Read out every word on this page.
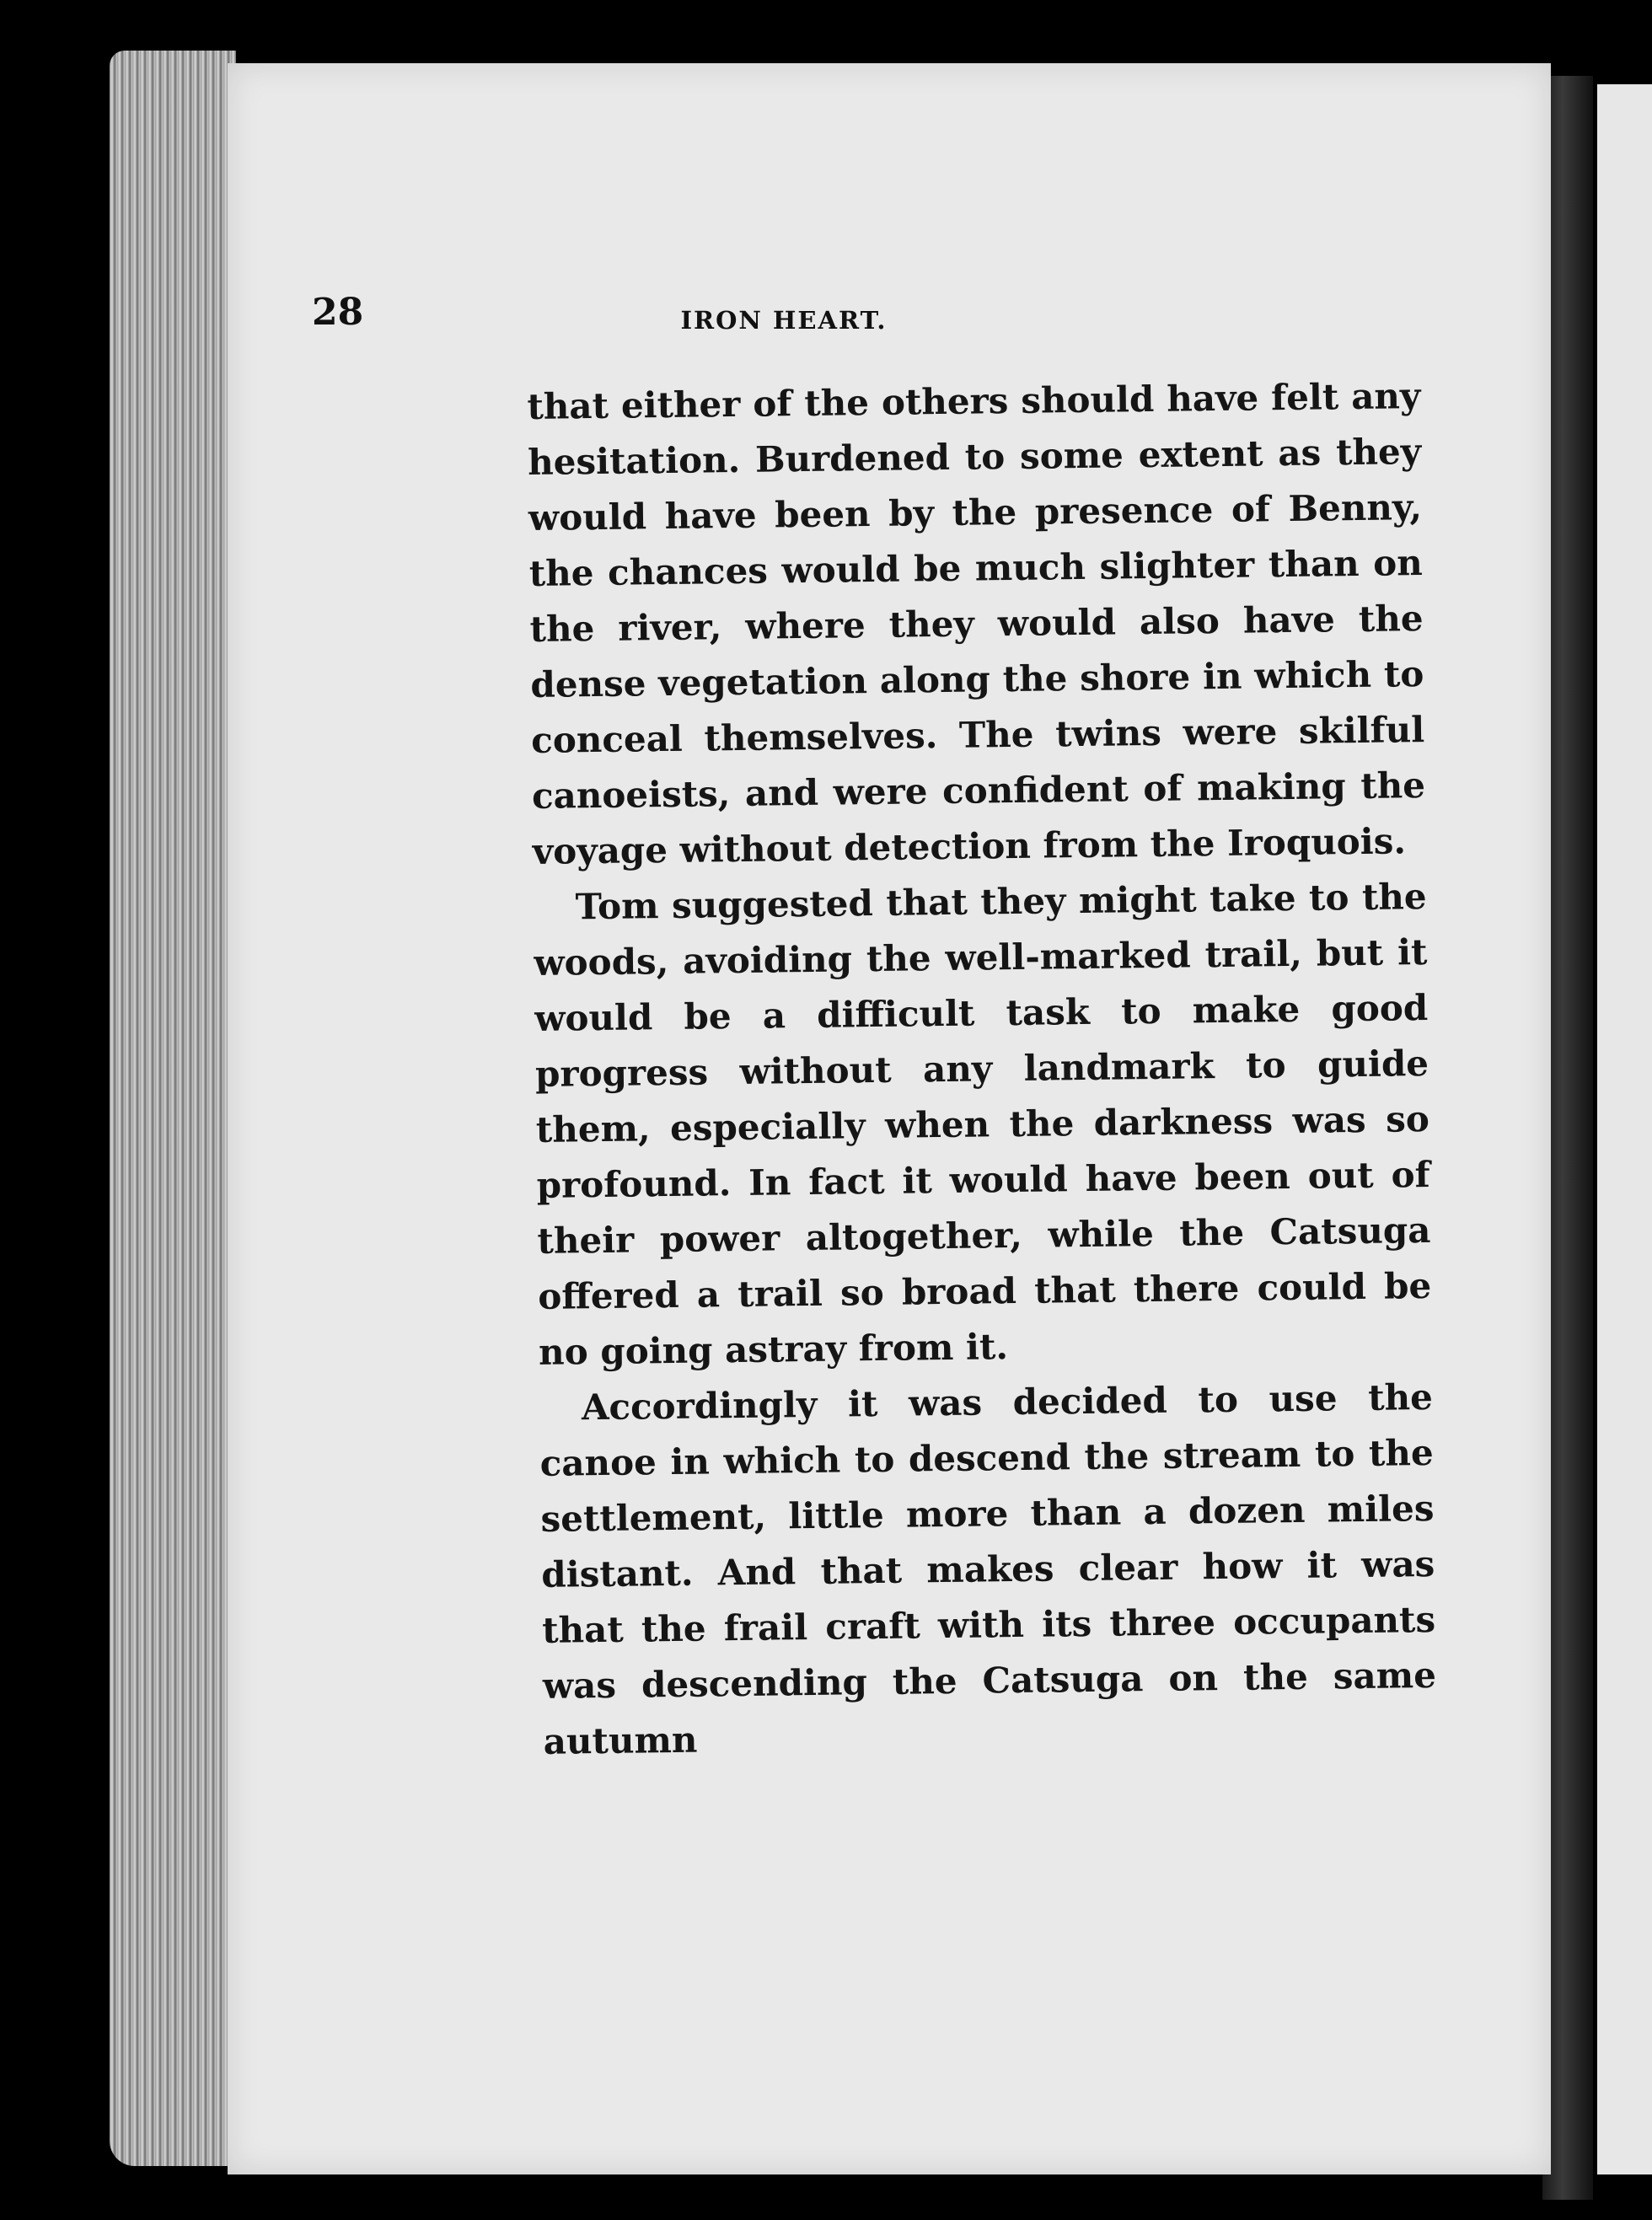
28	IRON HEART.

that either of the others should have felt any hesitation. Burdened to some extent as they would have been by the presence of Benny, the chances would be much slighter than on the river, where they would also have the dense vegetation along the shore in which to conceal themselves. The twins were skilful canoeists, and were confident of making the voyage without detection from the Iroquois.

Tom suggested that they might take to the woods, avoiding the well-marked trail, but it would be a difficult task to make good progress without any landmark to guide them, especially when the darkness was so profound. In fact it would have been out of their power altogether, while the Catsuga offered a trail so broad that there could be no going astray from it.

Accordingly it was decided to use the canoe in which to descend the stream to the settlement, little more than a dozen miles distant. And that makes clear how it was that the frail craft with its three occupants was descending the Catsuga on the same autumn
